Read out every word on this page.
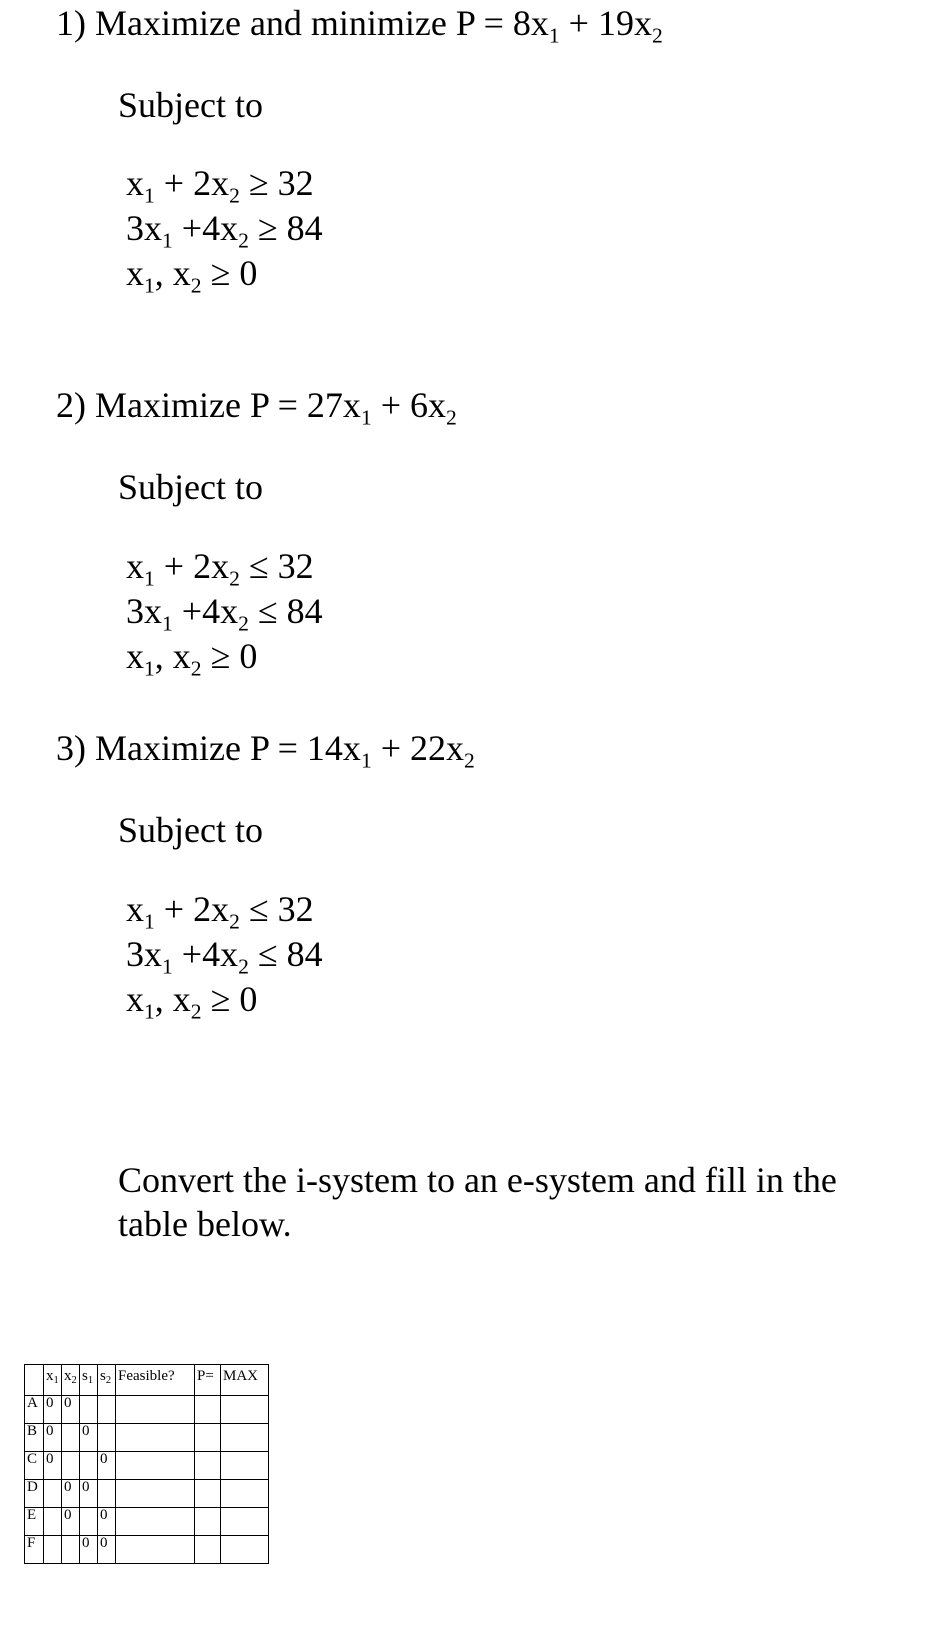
1) Maximize and minimize $P = 8x_1 + 19x_2$
Subject to
$x_1 + 2x_2 \ge 32$
$3x_1 +4x_2 \ge 84$
$x_1$, $x_2 \ge 0$
2) Maximize $P = 27x_1 + 6x_2$
Subject to
$x_1 + 2x_2 \le 32$
$3x_1 +4x_2 \le 84$
$x_1$, $x_2 \ge 0$
3) Maximize $P = 14x_1 + 22x_2$
Subject to
$x_1 + 2x_2 \le 32$
$3x_1 +4x_2 \le 84$
$x_1$, $x_2 \ge 0$
Convert the i-system to an e-system and fill in the table below.
	$x_1$	$x_2$	$s_1$	$s_2$	Feasible?	P=	MAX
A	0	0					
B	0		0				
C	0			0			
D		0	0				
E		0		0			
F			0	0			
